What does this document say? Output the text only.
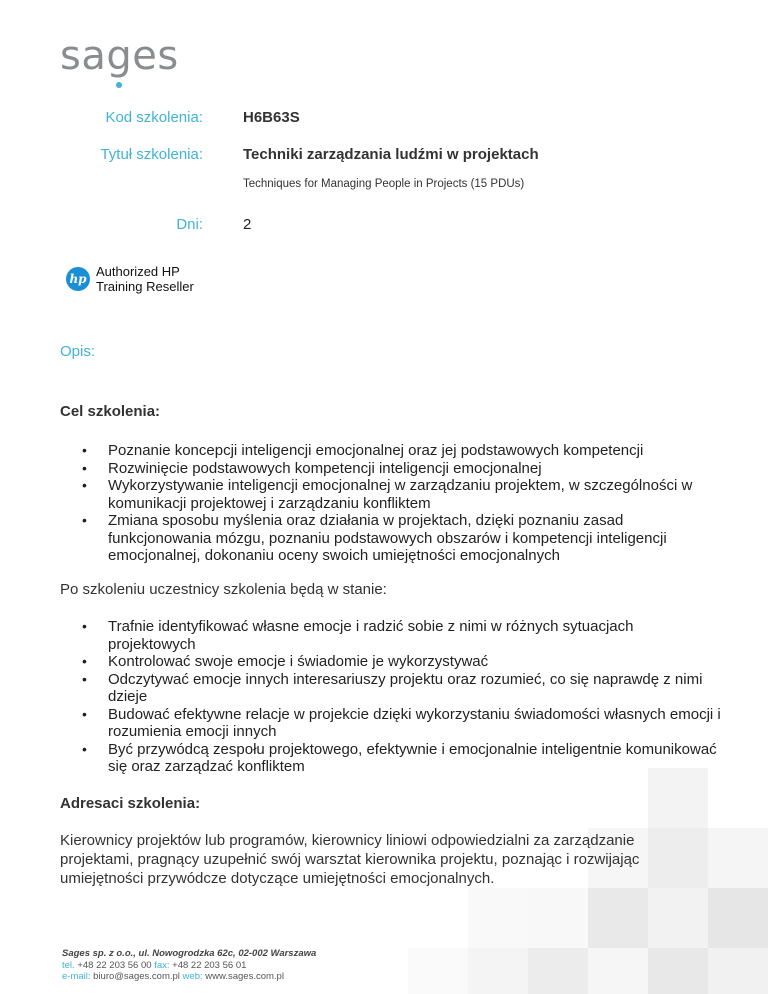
sag
es
Kod szkolenia:	H6B63S
Tytuł szkolenia:	Techniki zarządzania ludźmi w projektach
Techniques for Managing People in Projects (15 PDUs)
Dni:	2
hp Authorized HP
Training Reseller
Opis:
Cel szkolenia:
• Poznanie koncepcji inteligencji emocjonalnej oraz jej podstawowych kompetencji
• Rozwinięcie podstawowych kompetencji inteligencji emocjonalnej
• Wykorzystywanie inteligencji emocjonalnej w zarządzaniu projektem, w szczególności w komunikacji projektowej i zarządzaniu konfliktem
• Zmiana sposobu myślenia oraz działania w projektach, dzięki poznaniu zasad funkcjonowania mózgu, poznaniu podstawowych obszarów i kompetencji inteligencji emocjonalnej, dokonaniu oceny swoich umiejętności emocjonalnych
Po szkoleniu uczestnicy szkolenia będą w stanie:
• Trafnie identyfikować własne emocje i radzić sobie z nimi w różnych sytuacjach projektowych
• Kontrolować swoje emocje i świadomie je wykorzystywać
• Odczytywać emocje innych interesariuszy projektu oraz rozumieć, co się naprawdę z nimi dzieje
• Budować efektywne relacje w projekcie dzięki wykorzystaniu świadomości własnych emocji i rozumienia emocji innych
• Być przywódcą zespołu projektowego, efektywnie i emocjonalnie inteligentnie komunikować się oraz zarządzać konfliktem
Adresaci szkolenia:
Kierownicy projektów lub programów, kierownicy liniowi odpowiedzialni za zarządzanie projektami, pragnący uzupełnić swój warsztat kierownika projektu, poznając i rozwijając umiejętności przywódcze dotyczące umiejętności emocjonalnych.
Sages sp. z o.o., ul. Nowogrodzka 62c, 02-002 Warszawa
tel. +48 22 203 56 00 fax: +48 22 203 56 01
e-mail: biuro@sages.com.pl web: www.sages.com.pl
